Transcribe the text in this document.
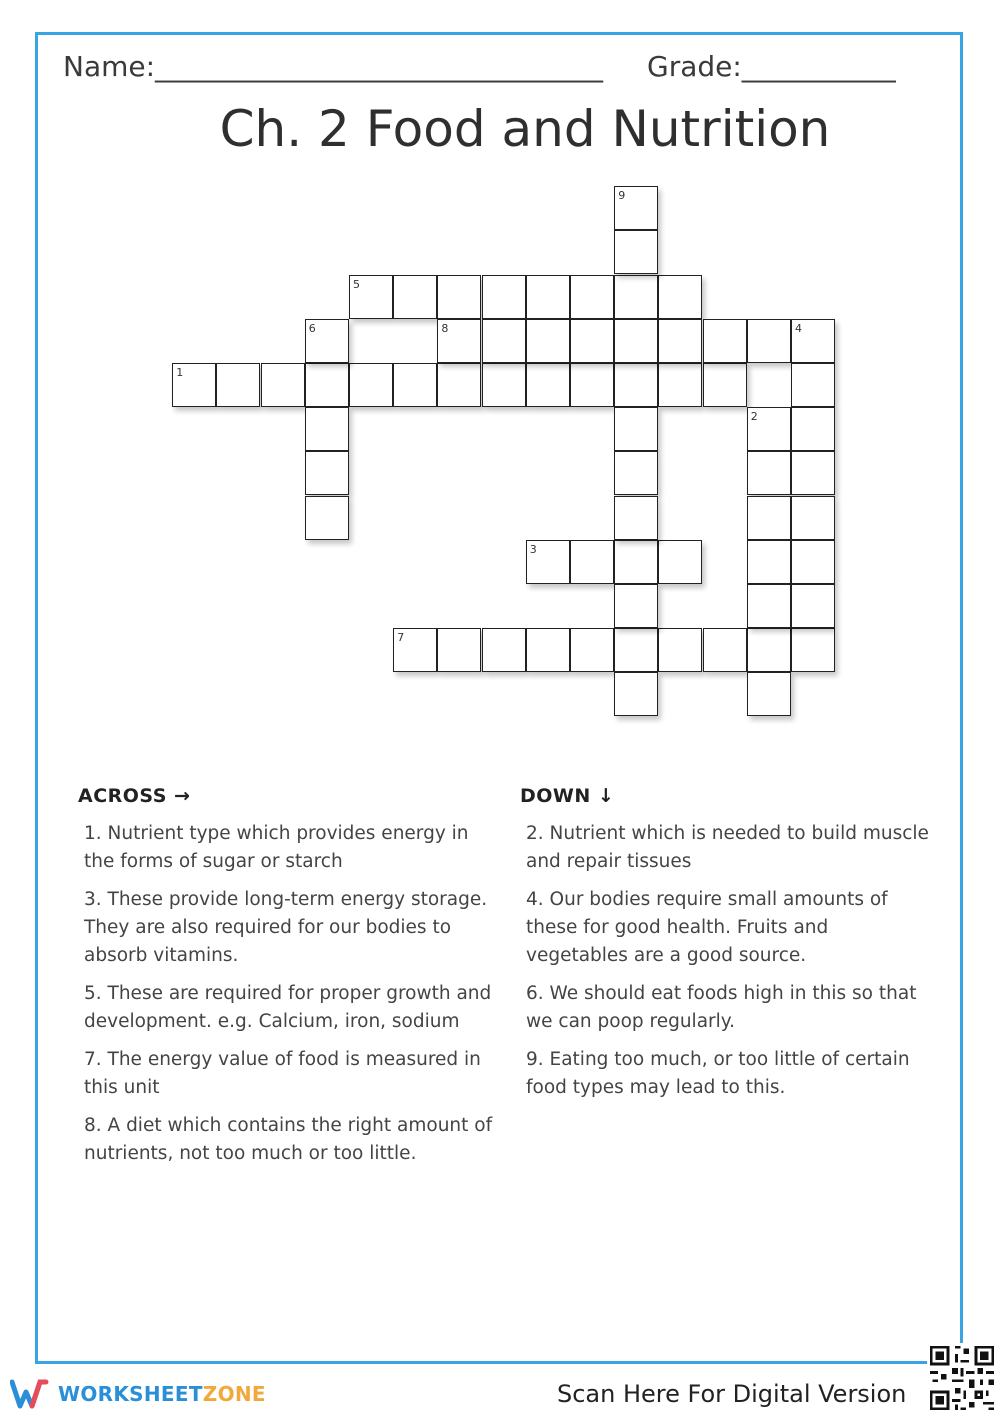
Name:________________________________ Grade:___________
Ch. 2 Food and Nutrition
1
3
5
7
8
2
4
6
9
ACROSS →	DOWN ↓

1. Nutrient type which provides energy in the forms of sugar or starch

3. These provide long-term energy storage. They are also required for our bodies to absorb vitamins.

5. These are required for proper growth and development. e.g. Calcium, iron, sodium

7. The energy value of food is measured in this unit

8. A diet which contains the right amount of nutrients, not too much or too little.

2. Nutrient which is needed to build muscle and repair tissues

4. Our bodies require small amounts of these for good health. Fruits and vegetables are a good source.

6. We should eat foods high in this so that we can poop regularly.

9. Eating too much, or too little of certain food types may lead to this.

WORKSHEETZONE	Scan Here For Digital Version
